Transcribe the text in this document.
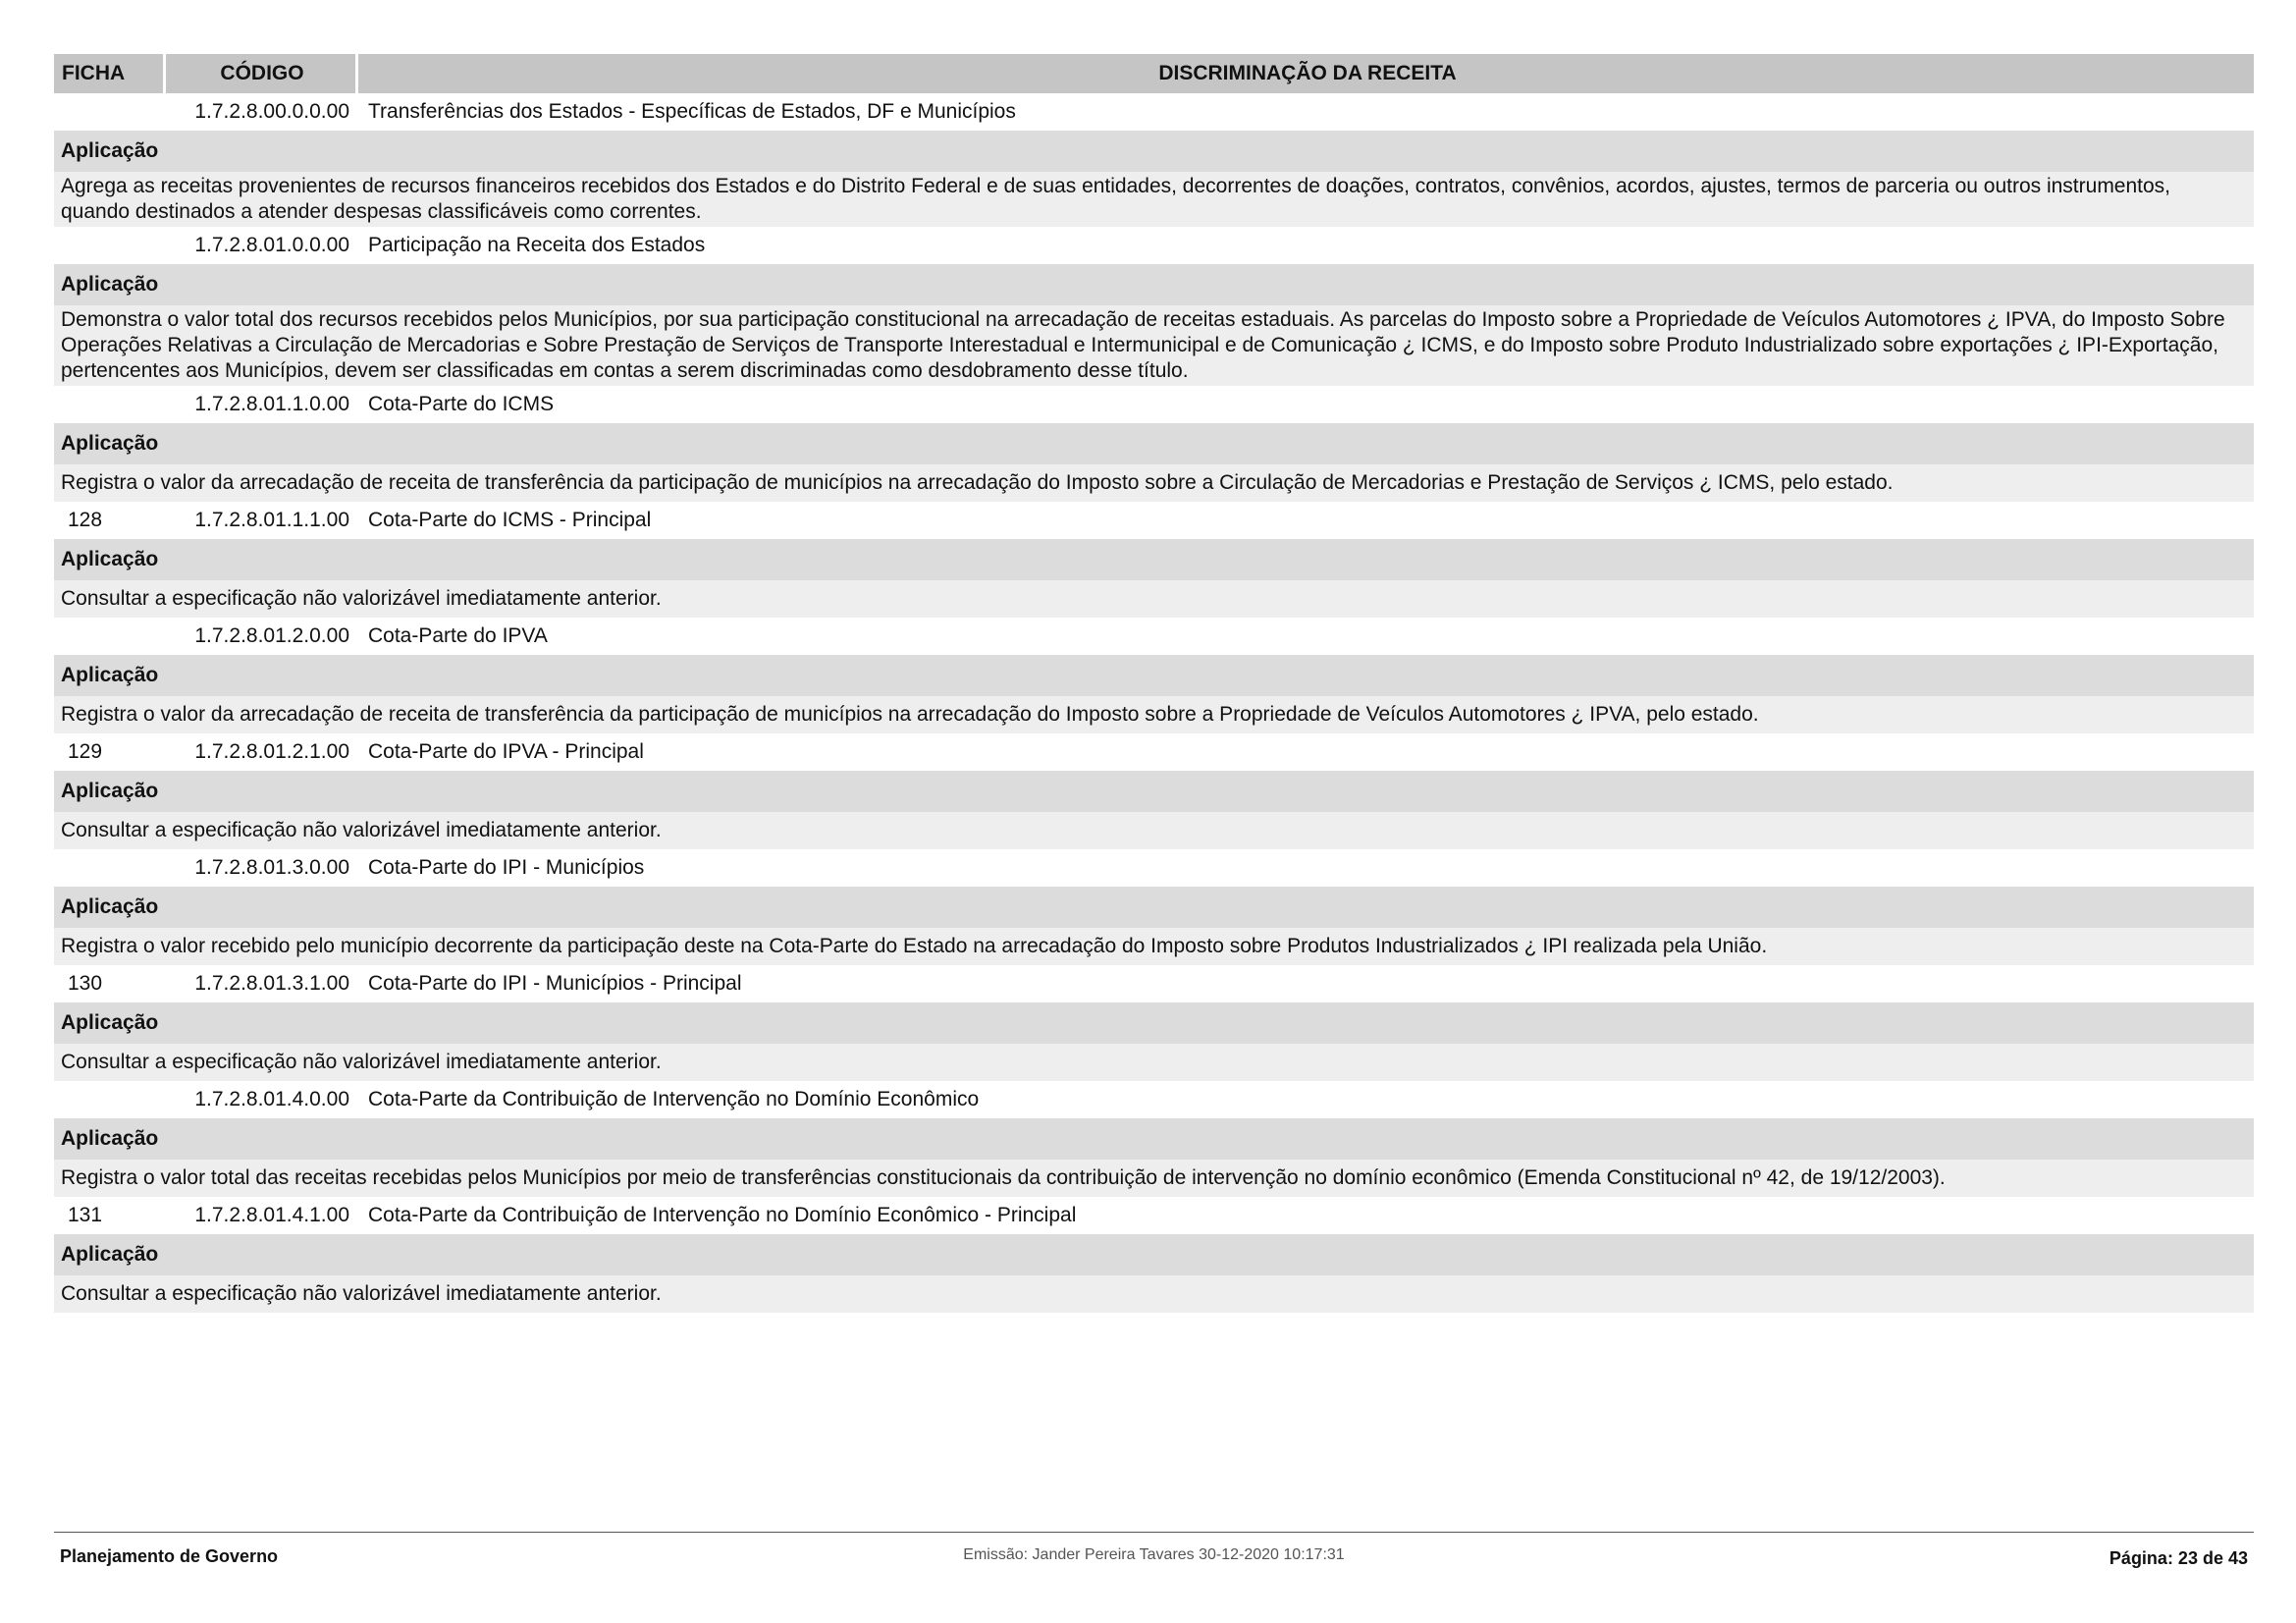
FICHA	CÓDIGO	DISCRIMINAÇÃO DA RECEITA
1.7.2.8.00.0.0.00 Transferências dos Estados - Específicas de Estados, DF e Municípios
Aplicação
Agrega as receitas provenientes de recursos financeiros recebidos dos Estados e do Distrito Federal e de suas entidades, decorrentes de doações, contratos, convênios, acordos, ajustes, termos de parceria ou outros instrumentos, quando destinados a atender despesas classificáveis como correntes.
1.7.2.8.01.0.0.00 Participação na Receita dos Estados
Aplicação
Demonstra o valor total dos recursos recebidos pelos Municípios, por sua participação constitucional na arrecadação de receitas estaduais. As parcelas do Imposto sobre a Propriedade de Veículos Automotores ¿ IPVA, do Imposto Sobre Operações Relativas a Circulação de Mercadorias e Sobre Prestação de Serviços de Transporte Interestadual e Intermunicipal e de Comunicação ¿ ICMS, e do Imposto sobre Produto Industrializado sobre exportações ¿ IPI-Exportação, pertencentes aos Municípios, devem ser classificadas em contas a serem discriminadas como desdobramento desse título.
1.7.2.8.01.1.0.00 Cota-Parte do ICMS
Aplicação
Registra o valor da arrecadação de receita de transferência da participação de municípios na arrecadação do Imposto sobre a Circulação de Mercadorias e Prestação de Serviços ¿ ICMS, pelo estado.
128	1.7.2.8.01.1.1.00 Cota-Parte do ICMS - Principal
Aplicação
Consultar a especificação não valorizável imediatamente anterior.
1.7.2.8.01.2.0.00 Cota-Parte do IPVA
Aplicação
Registra o valor da arrecadação de receita de transferência da participação de municípios na arrecadação do Imposto sobre a Propriedade de Veículos Automotores ¿ IPVA, pelo estado.
129	1.7.2.8.01.2.1.00 Cota-Parte do IPVA - Principal
Aplicação
Consultar a especificação não valorizável imediatamente anterior.
1.7.2.8.01.3.0.00 Cota-Parte do IPI - Municípios
Aplicação
Registra o valor recebido pelo município decorrente da participação deste na Cota-Parte do Estado na arrecadação do Imposto sobre Produtos Industrializados ¿ IPI realizada pela União.
130	1.7.2.8.01.3.1.00 Cota-Parte do IPI - Municípios - Principal
Aplicação
Consultar a especificação não valorizável imediatamente anterior.
1.7.2.8.01.4.0.00 Cota-Parte da Contribuição de Intervenção no Domínio Econômico
Aplicação
Registra o valor total das receitas recebidas pelos Municípios por meio de transferências constitucionais da contribuição de intervenção no domínio econômico (Emenda Constitucional nº 42, de 19/12/2003).
131	1.7.2.8.01.4.1.00 Cota-Parte da Contribuição de Intervenção no Domínio Econômico - Principal
Aplicação
Consultar a especificação não valorizável imediatamente anterior.
Planejamento de Governo	Emissão: Jander Pereira Tavares 30-12-2020 10:17:31	Página: 23 de 43
